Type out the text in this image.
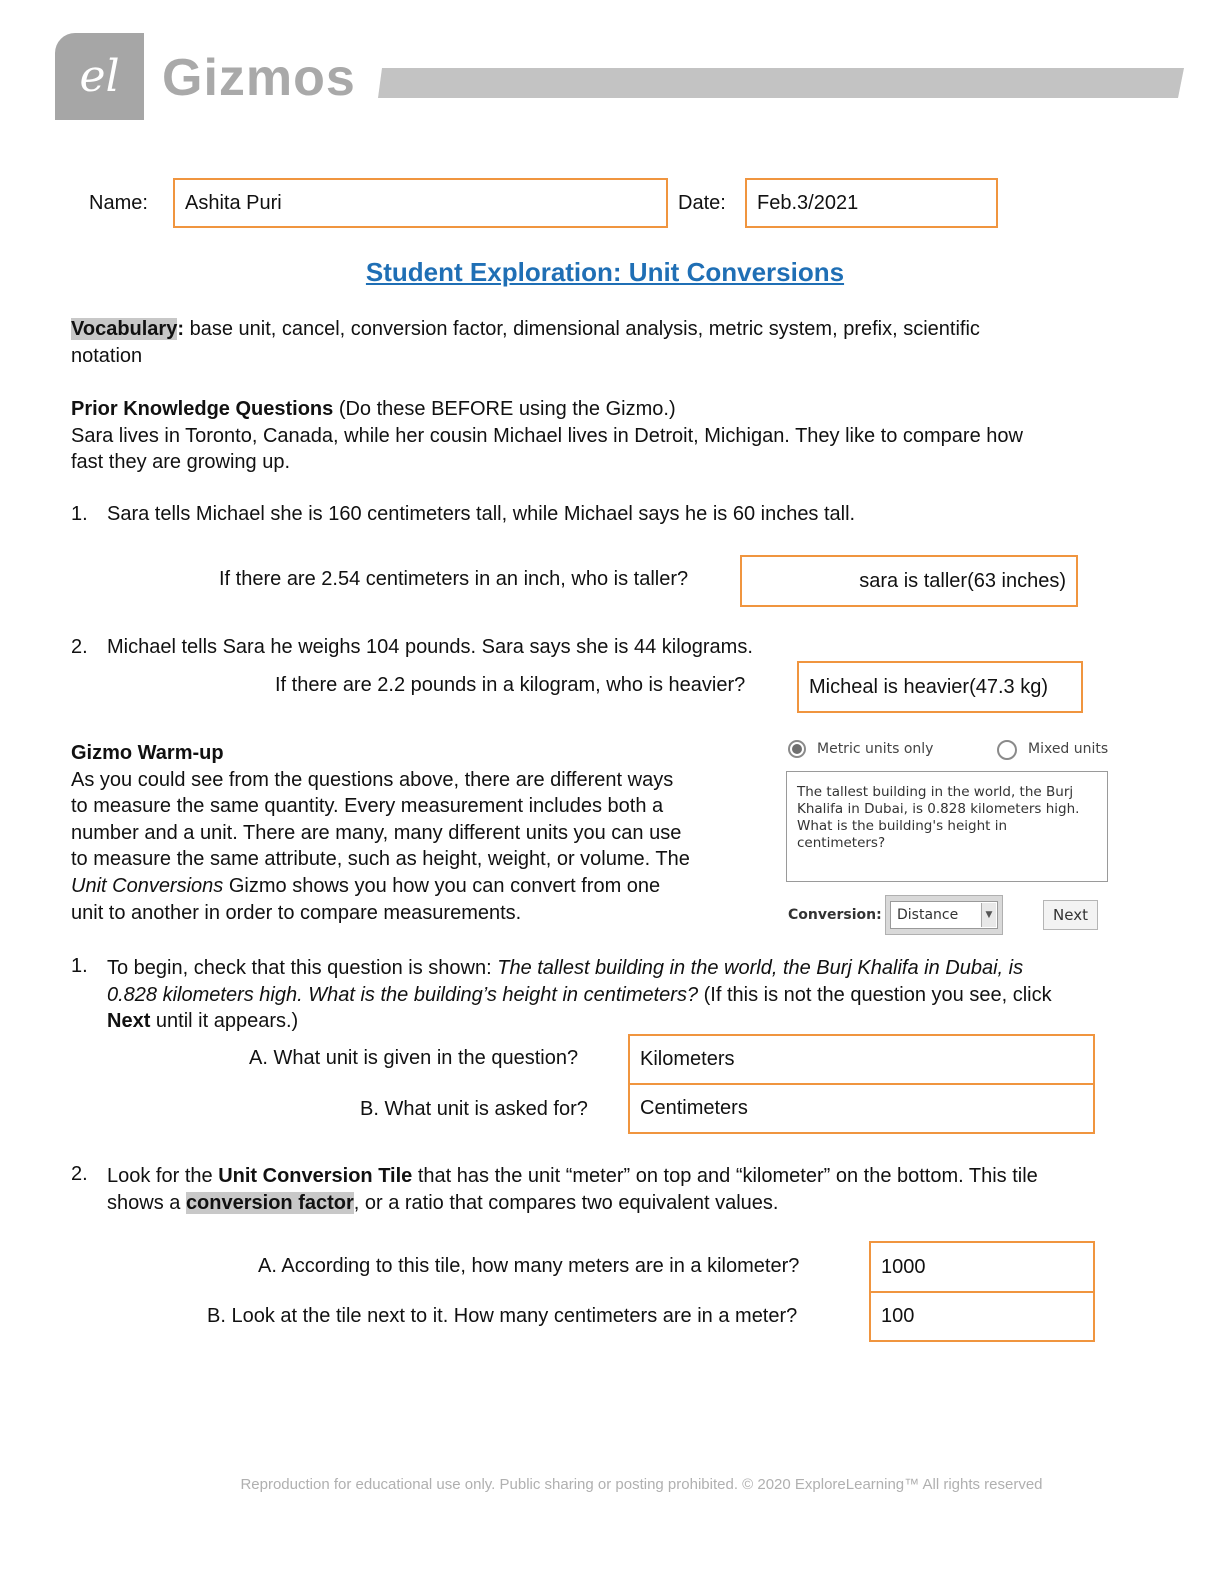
el Gizmos
Name: Ashita Puri	Date: Feb.3/2021
Student Exploration: Unit Conversions
Vocabulary: base unit, cancel, conversion factor, dimensional analysis, metric system, prefix, scientific
notation
Prior Knowledge Questions (Do these BEFORE using the Gizmo.)
Sara lives in Toronto, Canada, while her cousin Michael lives in Detroit, Michigan. They like to compare how
fast they are growing up.
1. Sara tells Michael she is 160 centimeters tall, while Michael says he is 60 inches tall.
If there are 2.54 centimeters in an inch, who is taller?	sara is taller(63 inches)
2. Michael tells Sara he weighs 104 pounds. Sara says she is 44 kilograms.
If there are 2.2 pounds in a kilogram, who is heavier?	Micheal is heavier(47.3 kg)
Gizmo Warm-up
As you could see from the questions above, there are different ways
to measure the same quantity. Every measurement includes both a
number and a unit. There are many, many different units you can use
to measure the same attribute, such as height, weight, or volume. The
Unit Conversions Gizmo shows you how you can convert from one
unit to another in order to compare measurements.
Metric units only	Mixed units
The tallest building in the world, the Burj
Khalifa in Dubai, is 0.828 kilometers high.
What is the building's height in centimeters?
Conversion:	Distance	▼	Next
1. To begin, check that this question is shown: The tallest building in the world, the Burj Khalifa in Dubai, is
0.828 kilometers high. What is the building’s height in centimeters? (If this is not the question you see, click
Next until it appears.)
A. What unit is given in the question?	Kilometers
B. What unit is asked for?	Centimeters
2. Look for the Unit Conversion Tile that has the unit “meter” on top and “kilometer” on the bottom. This tile
shows a conversion factor, or a ratio that compares two equivalent values.
A. According to this tile, how many meters are in a kilometer?	1000
B. Look at the tile next to it. How many centimeters are in a meter?	100
Reproduction for educational use only. Public sharing or posting prohibited. © 2020 ExploreLearning™ All rights reserved
